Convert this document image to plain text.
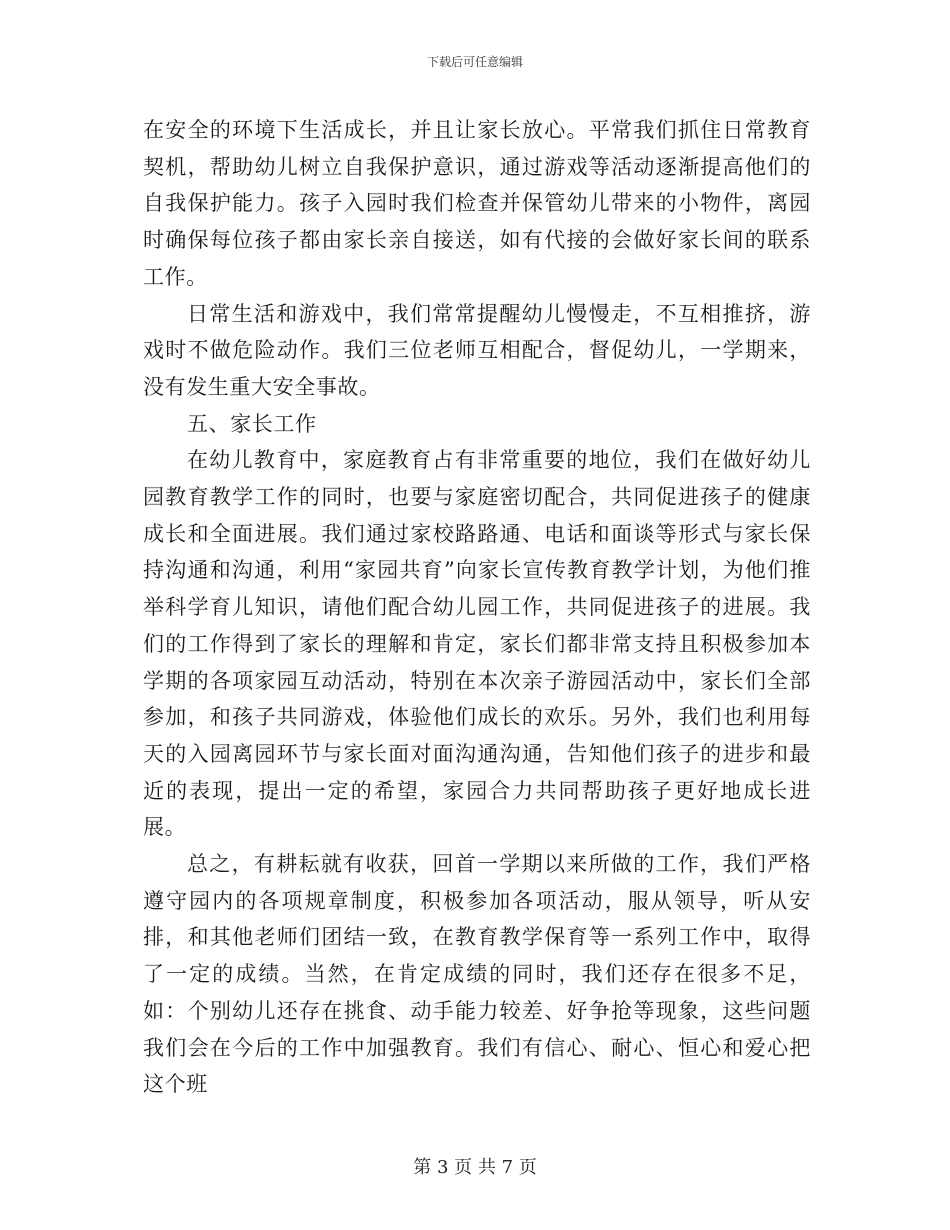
下载后可任意编辑

在安全的环境下生活成长，并且让家长放心。平常我们抓住日常教育契机，帮助幼儿树立自我保护意识，通过游戏等活动逐渐提高他们的自我保护能力。孩子入园时我们检查并保管幼儿带来的小物件，离园时确保每位孩子都由家长亲自接送，如有代接的会做好家长间的联系工作。

日常生活和游戏中，我们常常提醒幼儿慢慢走，不互相推挤，游戏时不做危险动作。我们三位老师互相配合，督促幼儿，一学期来，没有发生重大安全事故。

五、家长工作

在幼儿教育中，家庭教育占有非常重要的地位，我们在做好幼儿园教育教学工作的同时，也要与家庭密切配合，共同促进孩子的健康成长和全面进展。我们通过家校路路通、电话和面谈等形式与家长保持沟通和沟通，利用“家园共育”向家长宣传教育教学计划，为他们推举科学育儿知识，请他们配合幼儿园工作，共同促进孩子的进展。我们的工作得到了家长的理解和肯定，家长们都非常支持且积极参加本学期的各项家园互动活动，特别在本次亲子游园活动中，家长们全部参加，和孩子共同游戏，体验他们成长的欢乐。另外，我们也利用每天的入园离园环节与家长面对面沟通沟通，告知他们孩子的进步和最近的表现，提出一定的希望，家园合力共同帮助孩子更好地成长进展。

总之，有耕耘就有收获，回首一学期以来所做的工作，我们严格遵守园内的各项规章制度，积极参加各项活动，服从领导，听从安排，和其他老师们团结一致，在教育教学保育等一系列工作中，取得了一定的成绩。当然，在肯定成绩的同时，我们还存在很多不足，如：个别幼儿还存在挑食、动手能力较差、好争抢等现象，这些问题我们会在今后的工作中加强教育。我们有信心、耐心、恒心和爱心把这个班

第 3 页 共 7 页
